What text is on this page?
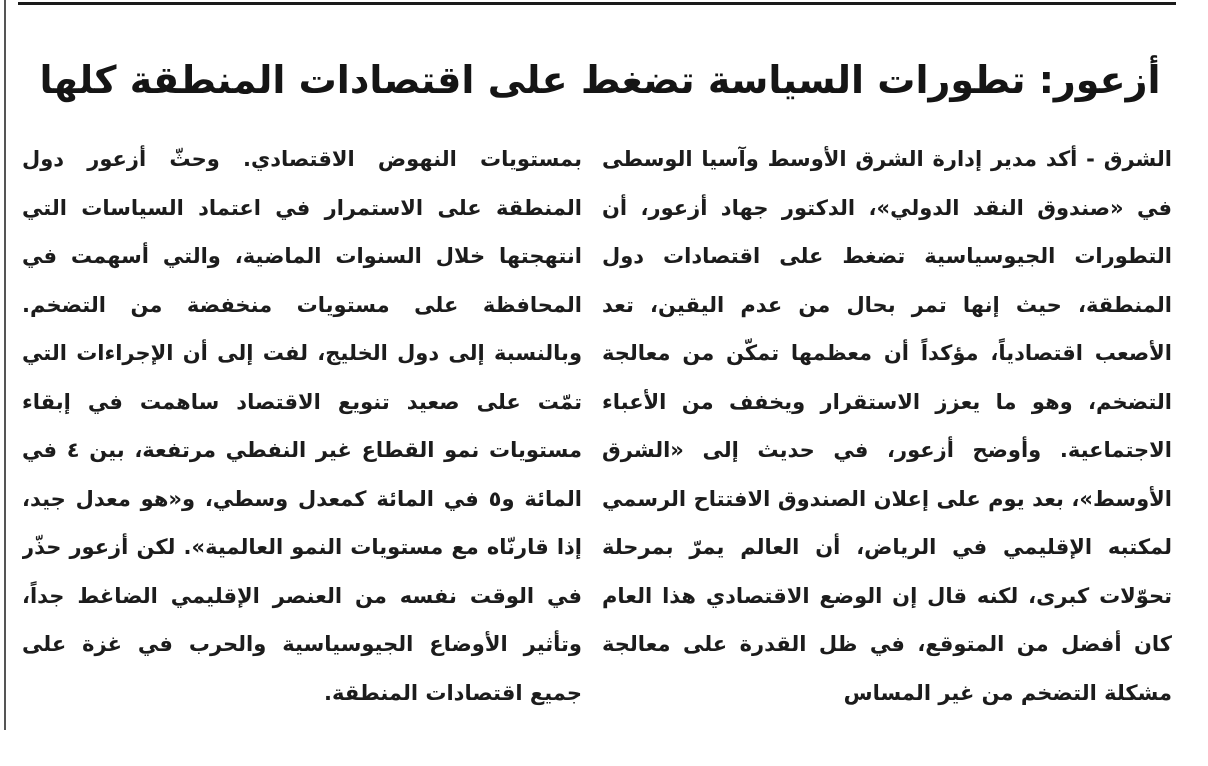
أزعور: تطورات السياسة تضغط على اقتصادات المنطقة كلها

الشرق - أكد مدير إدارة الشرق الأوسط وآسيا الوسطى في «صندوق النقد الدولي»، الدكتور جهاد أزعور، أن التطورات الجيوسياسية تضغط على اقتصادات دول المنطقة، حيث إنها تمر بحال من عدم اليقين، تعد الأصعب اقتصادياً، مؤكداً أن معظمها تمكّن من معالجة التضخم، وهو ما يعزز الاستقرار ويخفف من الأعباء الاجتماعية. وأوضح أزعور، في حديث إلى «الشرق الأوسط»، بعد يوم على إعلان الصندوق الافتتاح الرسمي لمكتبه الإقليمي في الرياض، أن العالم يمرّ بمرحلة تحوّلات كبرى، لكنه قال إن الوضع الاقتصادي هذا العام كان أفضل من المتوقع، في ظل القدرة على معالجة مشكلة التضخم من غير المساس

بمستويات النهوض الاقتصادي. وحثّ أزعور دول المنطقة على الاستمرار في اعتماد السياسات التي انتهجتها خلال السنوات الماضية، والتي أسهمت في المحافظة على مستويات منخفضة من التضخم. وبالنسبة إلى دول الخليج، لفت إلى أن الإجراءات التي تمّت على صعيد تنويع الاقتصاد ساهمت في إبقاء مستويات نمو القطاع غير النفطي مرتفعة، بين ٤ في المائة و٥ في المائة كمعدل وسطي، و«هو معدل جيد، إذا قارنّاه مع مستويات النمو العالمية». لكن أزعور حذّر في الوقت نفسه من العنصر الإقليمي الضاغط جداً، وتأثير الأوضاع الجيوسياسية والحرب في غزة على جميع اقتصادات المنطقة.
